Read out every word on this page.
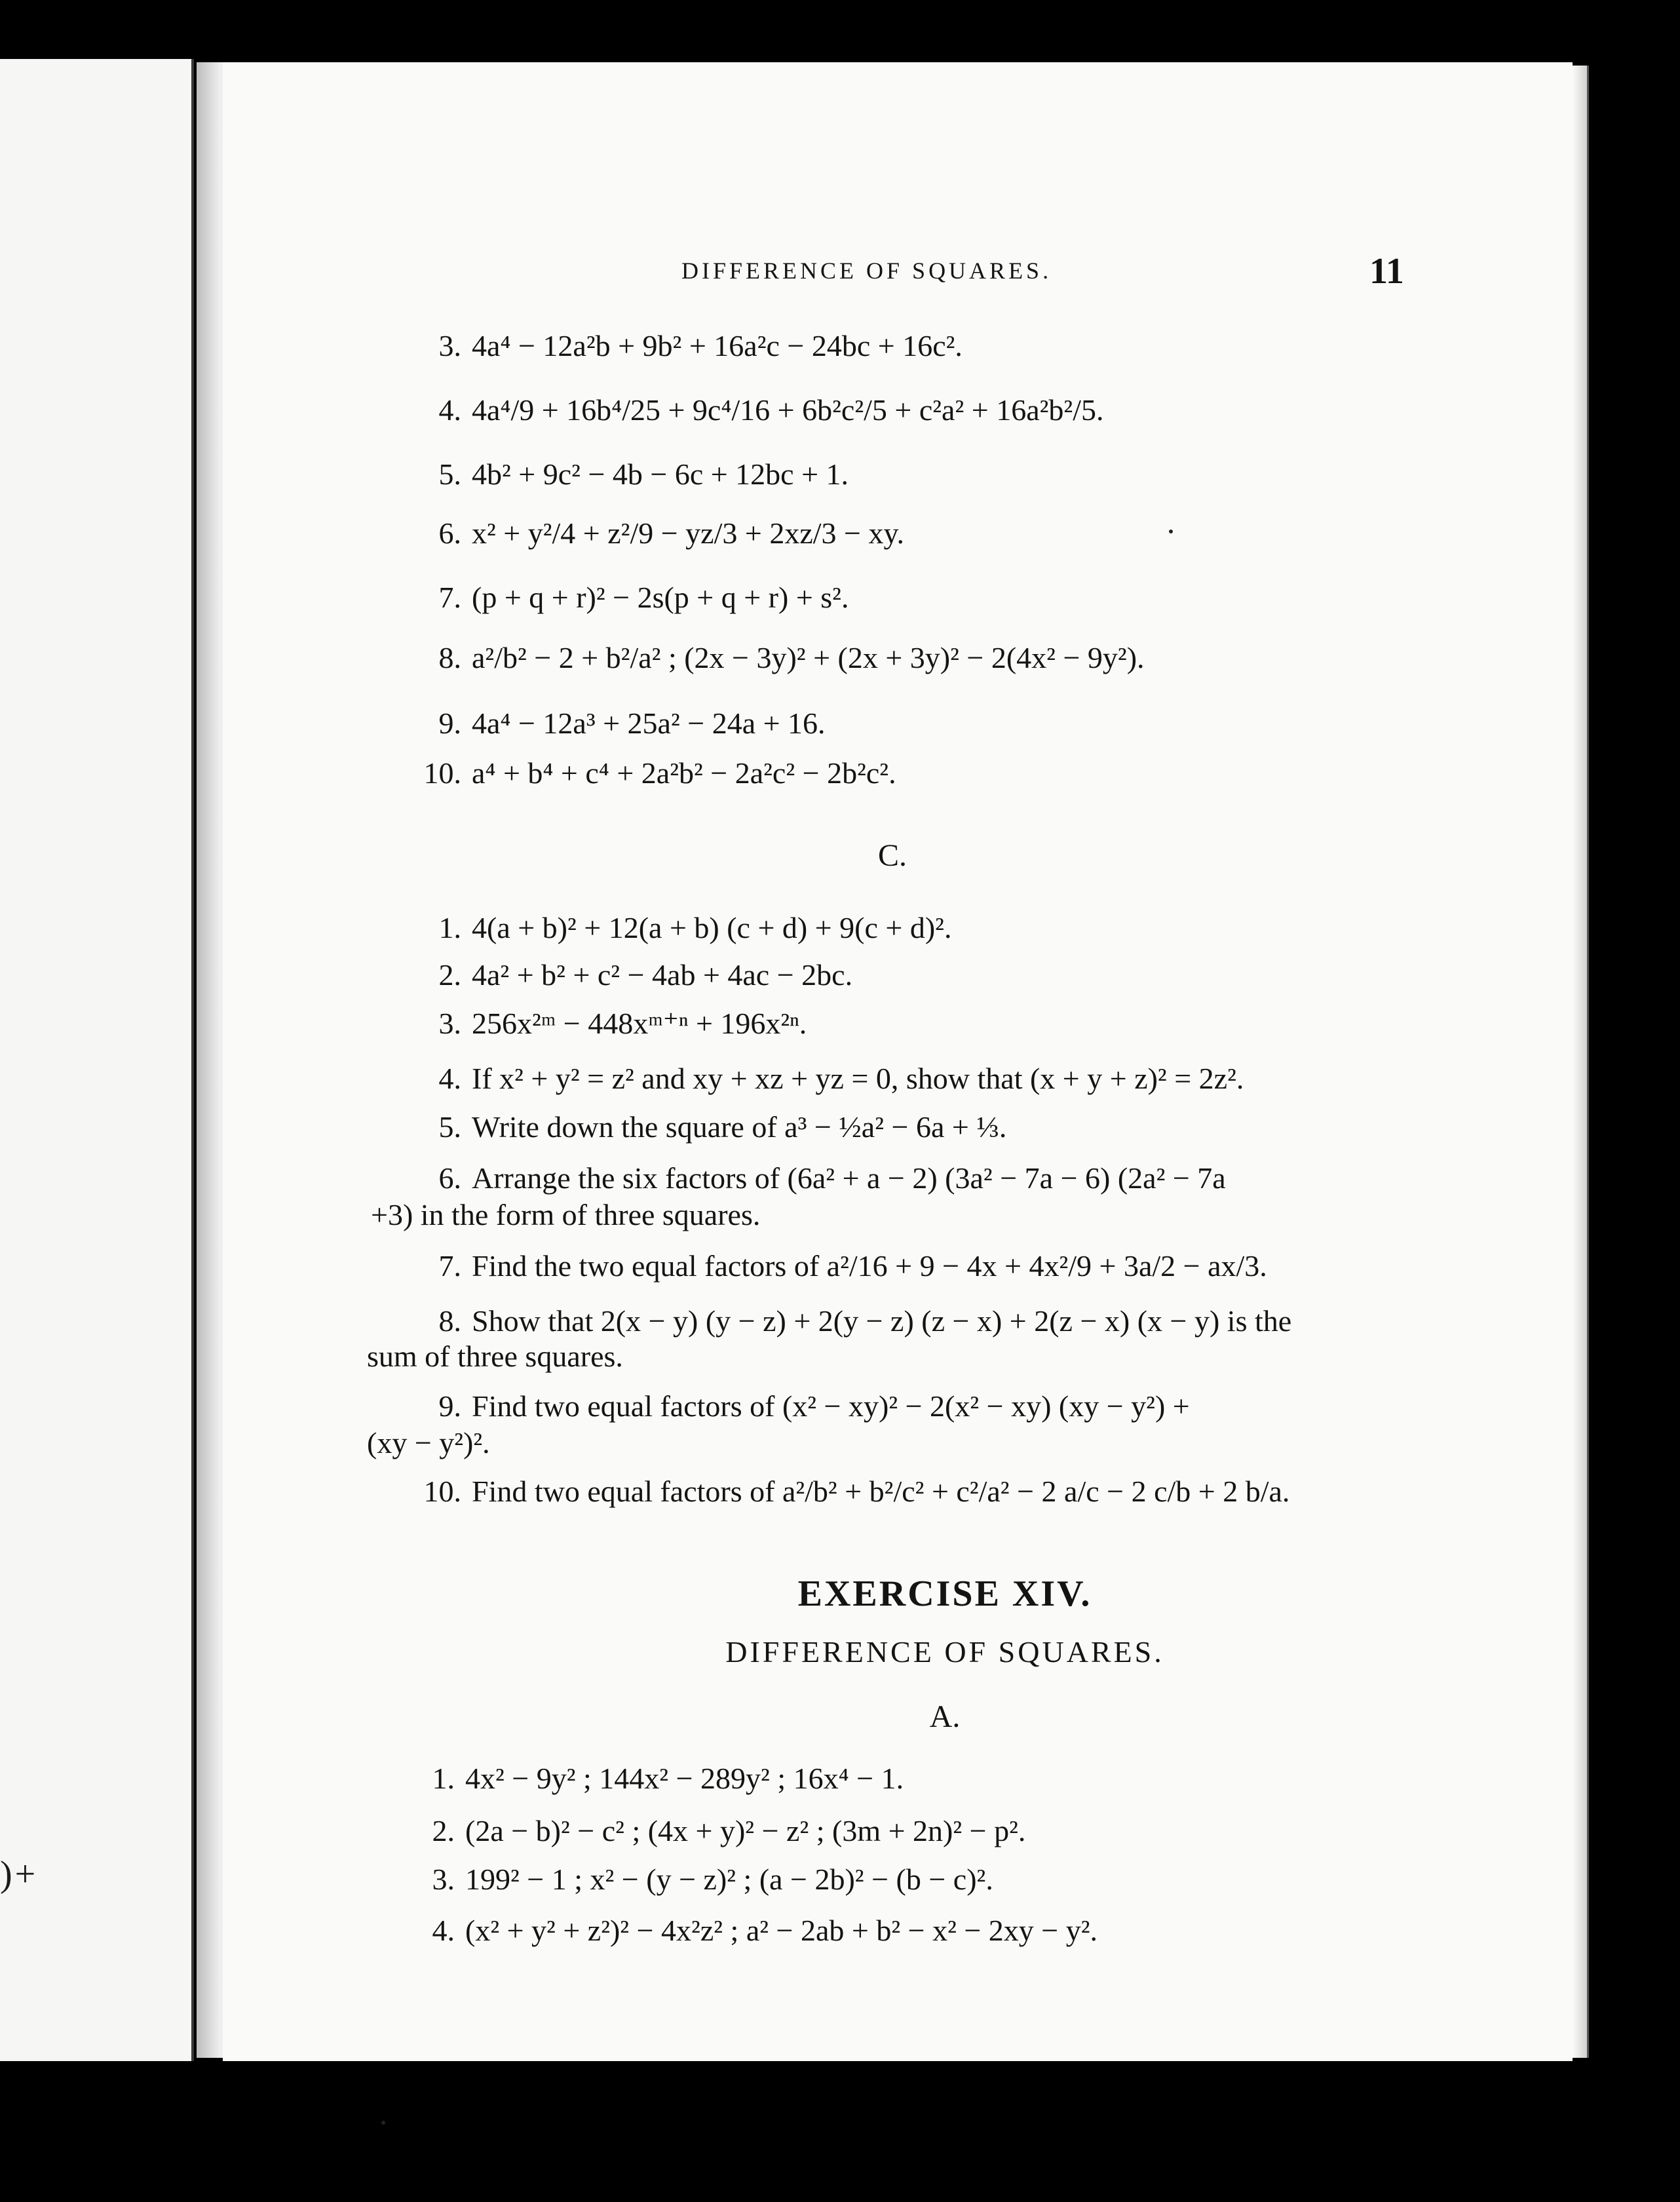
)+
DIFFERENCE OF SQUARES.	11
3. 4a⁴ − 12a²b + 9b² + 16a²c − 24bc + 16c².
4. 4a⁴/9 + 16b⁴/25 + 9c⁴/16 + 6b²c²/5 + c²a² + 16a²b²/5.
5. 4b² + 9c² − 4b − 6c + 12bc + 1.
6. x² + y²/4 + z²/9 − yz/3 + 2xz/3 − xy.
7. (p + q + r)² − 2s(p + q + r) + s².
8. a²/b² − 2 + b²/a² ; (2x − 3y)² + (2x + 3y)² − 2(4x² − 9y²).
9. 4a⁴ − 12a³ + 25a² − 24a + 16.
10. a⁴ + b⁴ + c⁴ + 2a²b² − 2a²c² − 2b²c².
C.
1. 4(a + b)² + 12(a + b) (c + d) + 9(c + d)².
2. 4a² + b² + c² − 4ab + 4ac − 2bc.
3. 256x²ᵐ − 448xᵐ⁺ⁿ + 196x²ⁿ.
4. If x² + y² = z² and xy + xz + yz = 0, show that (x + y + z)² = 2z².
5. Write down the square of a³ − ½a² − 6a + ⅓.
6. Arrange the six factors of (6a² + a − 2) (3a² − 7a − 6) (2a² − 7a
+3) in the form of three squares.
7. Find the two equal factors of a²/16 + 9 − 4x + 4x²/9 + 3a/2 − ax/3.
8. Show that 2(x − y) (y − z) + 2(y − z) (z − x) + 2(z − x) (x − y) is the
sum of three squares.
9. Find two equal factors of (x² − xy)² − 2(x² − xy) (xy − y²) +
(xy − y²)².
10. Find two equal factors of a²/b² + b²/c² + c²/a² − 2 a/c − 2 c/b + 2 b/a.
EXERCISE XIV.
DIFFERENCE OF SQUARES.
A.
1. 4x² − 9y² ; 144x² − 289y² ; 16x⁴ − 1.
2. (2a − b)² − c² ; (4x + y)² − z² ; (3m + 2n)² − p².
3. 199² − 1 ; x² − (y − z)² ; (a − 2b)² − (b − c)².
4. (x² + y² + z²)² − 4x²z² ; a² − 2ab + b² − x² − 2xy − y².
